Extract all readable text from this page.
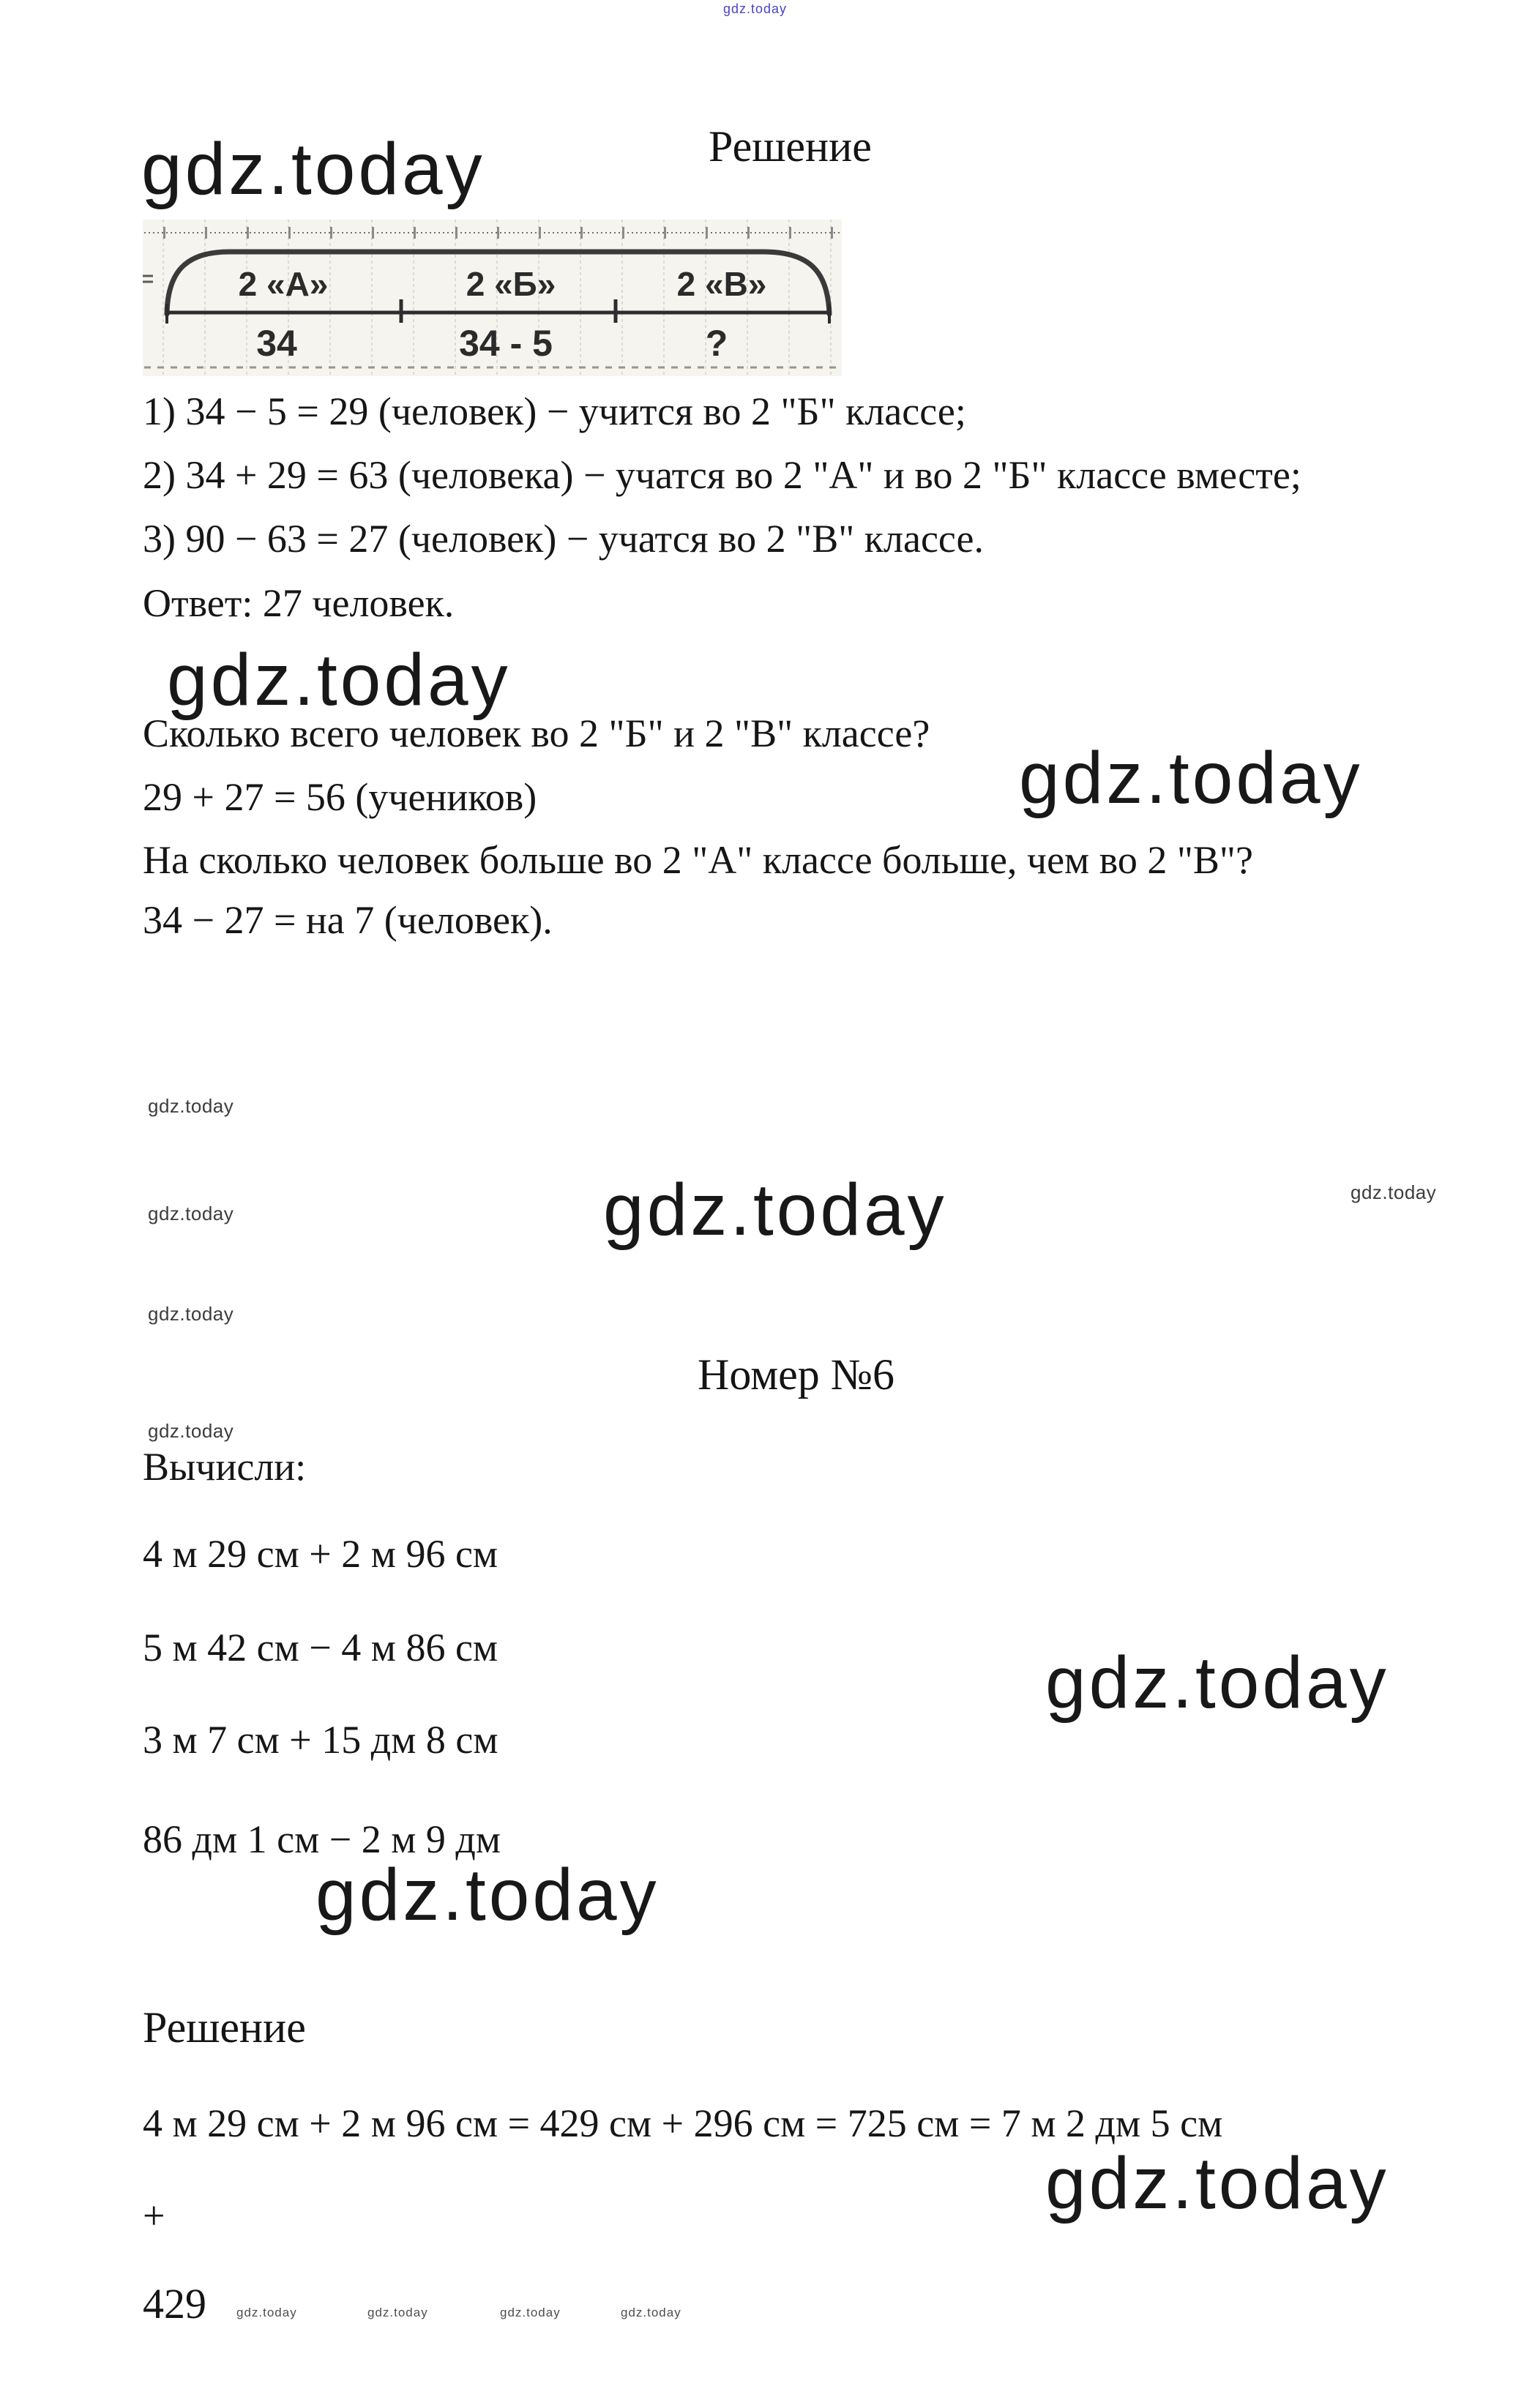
gdz.today
Решение
gdz.today
2 «А»	2 «Б»	2 «В»
34	34 - 5	?
1) 34 − 5 = 29 (человек) − учится во 2 "Б" классе;
2) 34 + 29 = 63 (человека) − учатся во 2 "А" и во 2 "Б" классе вместе;
3) 90 − 63 = 27 (человек) − учатся во 2 "В" классе.
Ответ: 27 человек.
gdz.today
Сколько всего человек во 2 "Б" и 2 "В" классе?
29 + 27 = 56 (учеников)	gdz.today
На сколько человек больше во 2 "А" классе больше, чем во 2 "В"?
34 − 27 = на 7 (человек).
gdz.today
gdz.today	gdz.today
gdz.today
gdz.today
Номер №6
gdz.today
Вычисли:
4 м 29 см + 2 м 96 см
5 м 42 см − 4 м 86 см	gdz.today
3 м 7 см + 15 дм 8 см
86 дм 1 см − 2 м 9 дм
gdz.today
Решение
4 м 29 см + 2 м 96 см = 429 см + 296 см = 725 см = 7 м 2 дм 5 см
gdz.today
+
429 gdz.today	gdz.today	gdz.today	gdz.today
